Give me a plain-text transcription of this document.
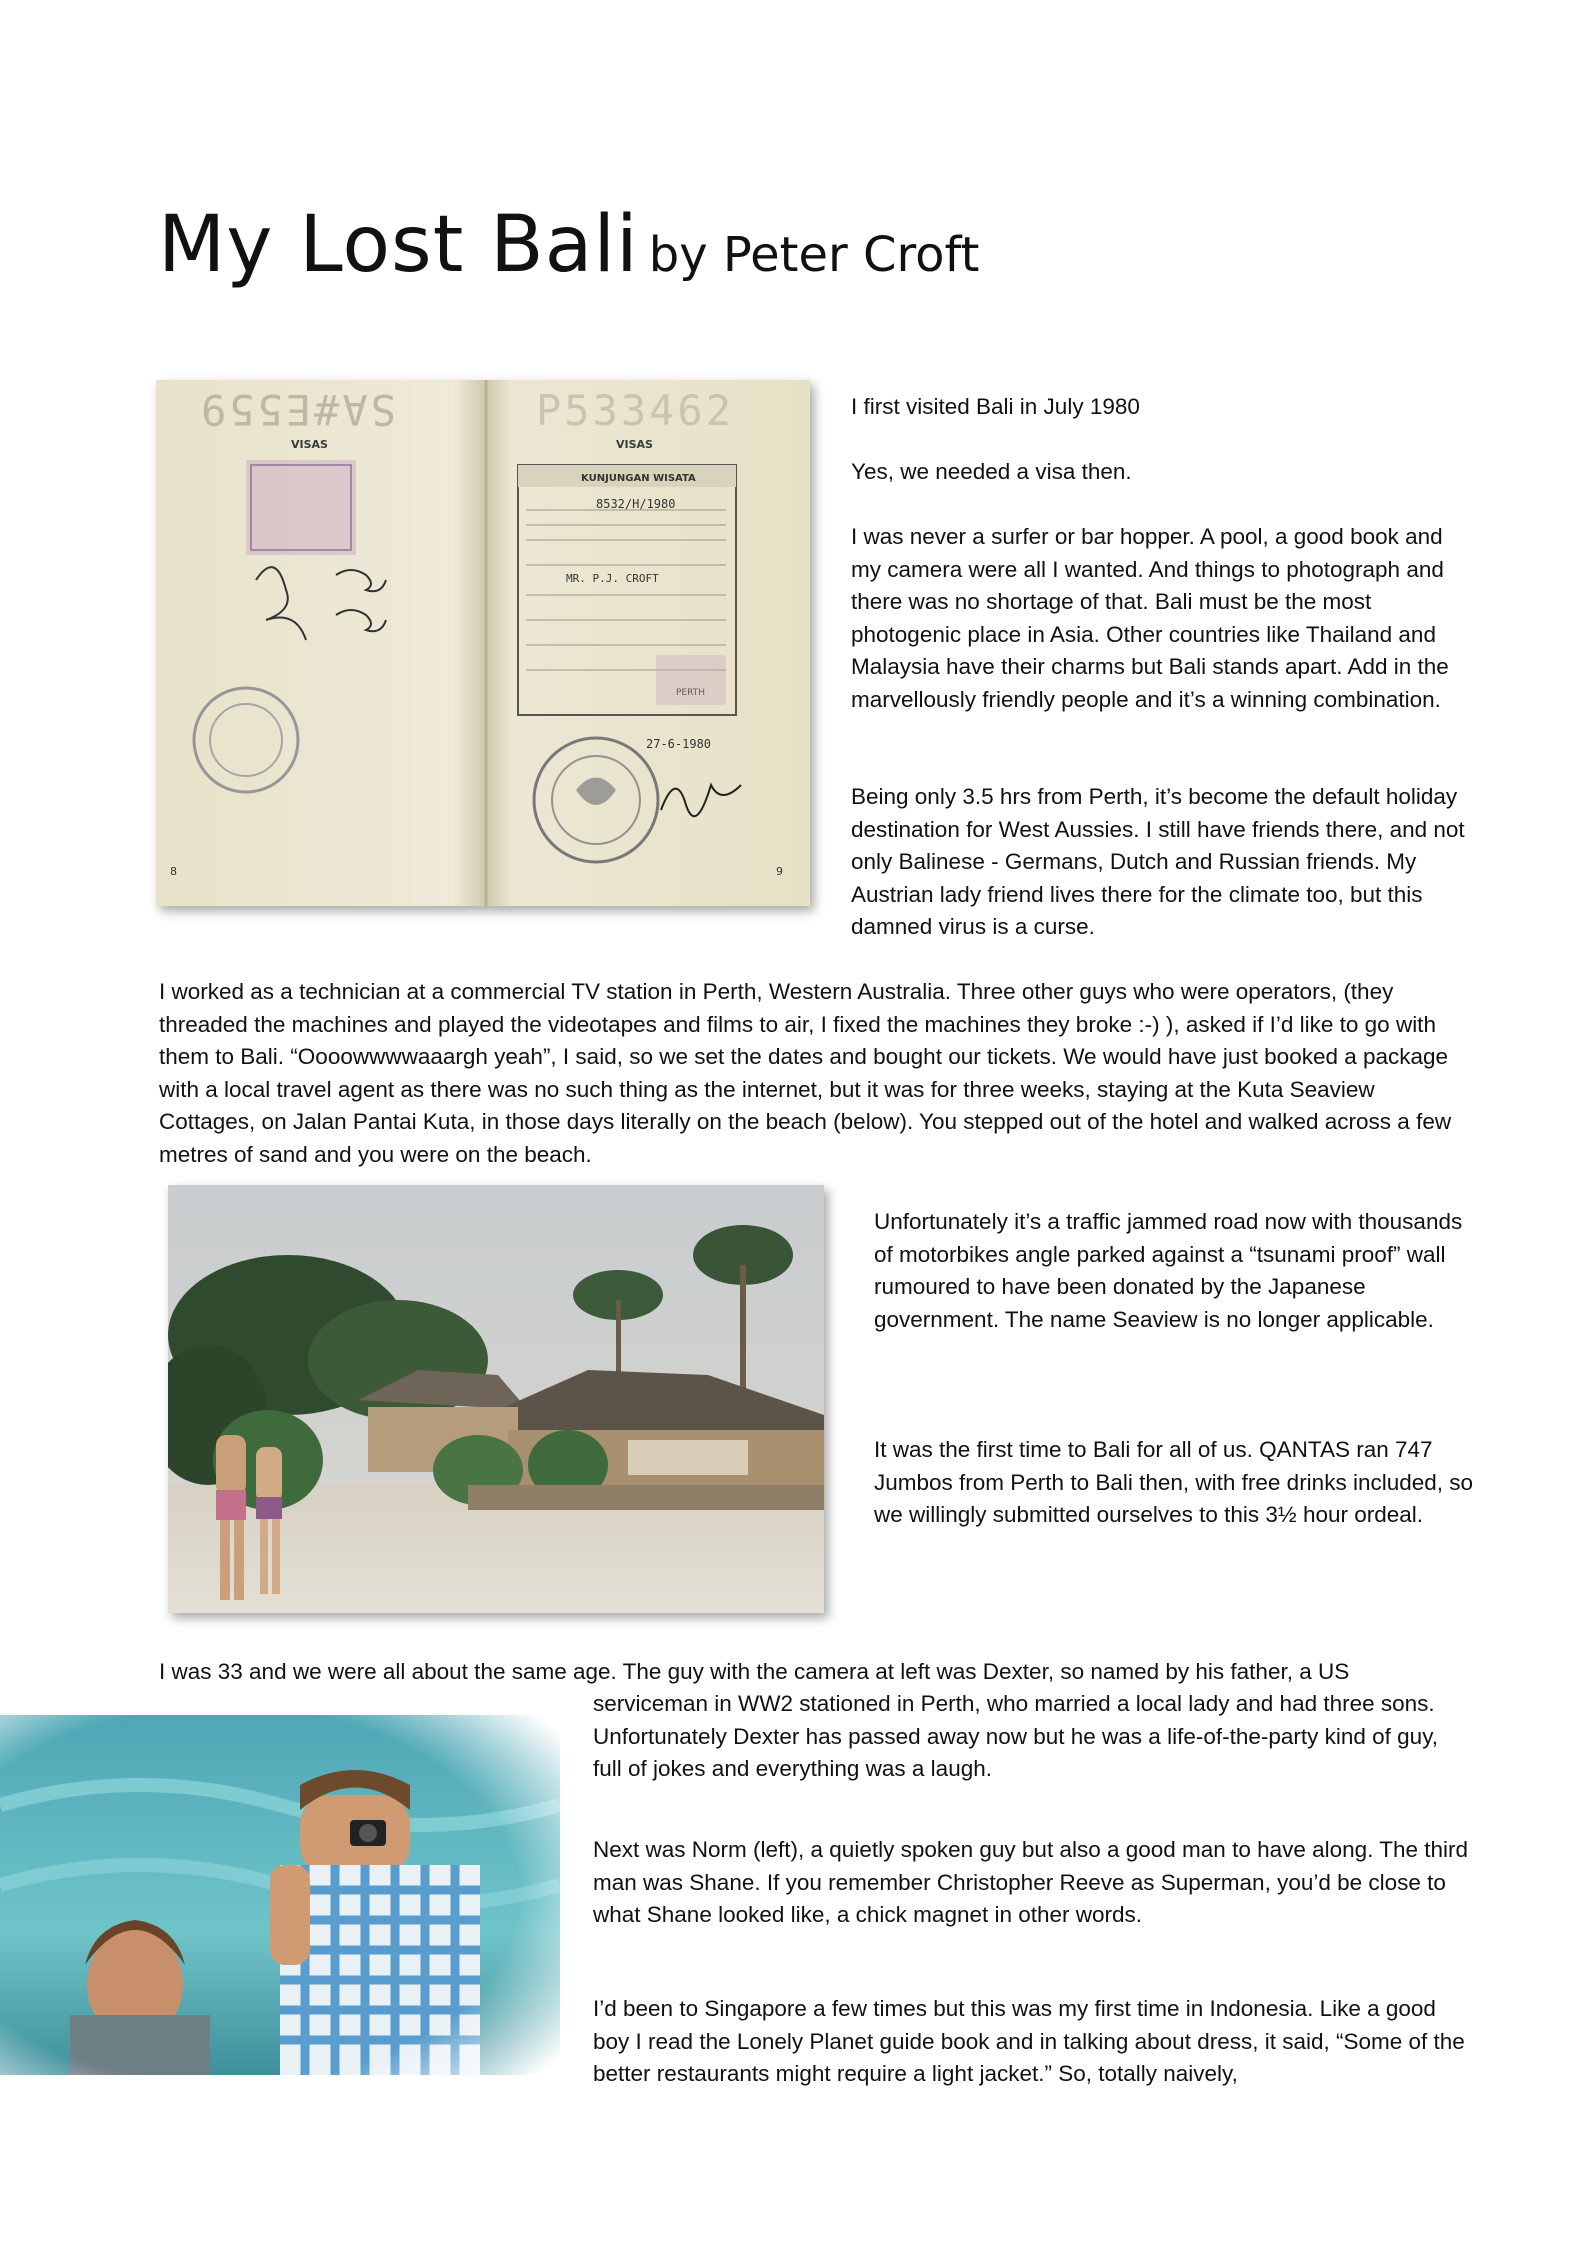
My Lost Bali by Peter Croft
SA#E559	P533462
VISAS	VISAS
8
KUNJUNGAN WISATA
8532/H/1980
MR. P.J. CROFT
PERTH
27-6-1980
9

I first visited Bali in July 1980

Yes, we needed a visa then.

I was never a surfer or bar hopper. A pool, a good book and my camera were all I wanted. And things to photograph and there was no shortage of that. Bali must be the most photogenic place in Asia. Other countries like Thailand and Malaysia have their charms but Bali stands apart. Add in the marvellously friendly people and it’s a winning combination.

Being only 3.5 hrs from Perth, it’s become the default holiday destination for West Aussies. I still have friends there, and not only Balinese - Germans, Dutch and Russian friends. My Austrian lady friend lives there for the climate too, but this damned virus is a curse.

I worked as a technician at a commercial TV station in Perth, Western Australia. Three other guys who were operators, (they threaded the machines and played the videotapes and films to air, I fixed the machines they broke :-) ), asked if I’d like to go with them to Bali. “Oooowwwwaaargh yeah”, I said, so we set the dates and bought our tickets. We would have just booked a package with a local travel agent as there was no such thing as the internet, but it was for three weeks, staying at the Kuta Seaview Cottages, on Jalan Pantai Kuta, in those days literally on the beach (below). You stepped out of the hotel and walked across a few metres of sand and you were on the beach.

Unfortunately it’s a traffic jammed road now with thousands of motorbikes angle parked against a “tsunami proof” wall rumoured to have been donated by the Japanese government. The name Seaview is no longer applicable.

It was the first time to Bali for all of us. QANTAS ran 747 Jumbos from Perth to Bali then, with free drinks included, so we willingly submitted ourselves to this 3½ hour ordeal.

I was 33 and we were all about the same age. The guy with the camera at left was Dexter, so named by his father, a US

serviceman in WW2 stationed in Perth, who married a local lady and had three sons. Unfortunately Dexter has passed away now but he was a life-of-the-party kind of guy, full of jokes and everything was a laugh.

Next was Norm (left), a quietly spoken guy but also a good man to have along. The third man was Shane. If you remember Christopher Reeve as Superman, you’d be close to what Shane looked like, a chick magnet in other words.

I’d been to Singapore a few times but this was my first time in Indonesia. Like a good boy I read the Lonely Planet guide book and in talking about dress, it said, “Some of the better restaurants might require a light jacket.” So, totally naively,
